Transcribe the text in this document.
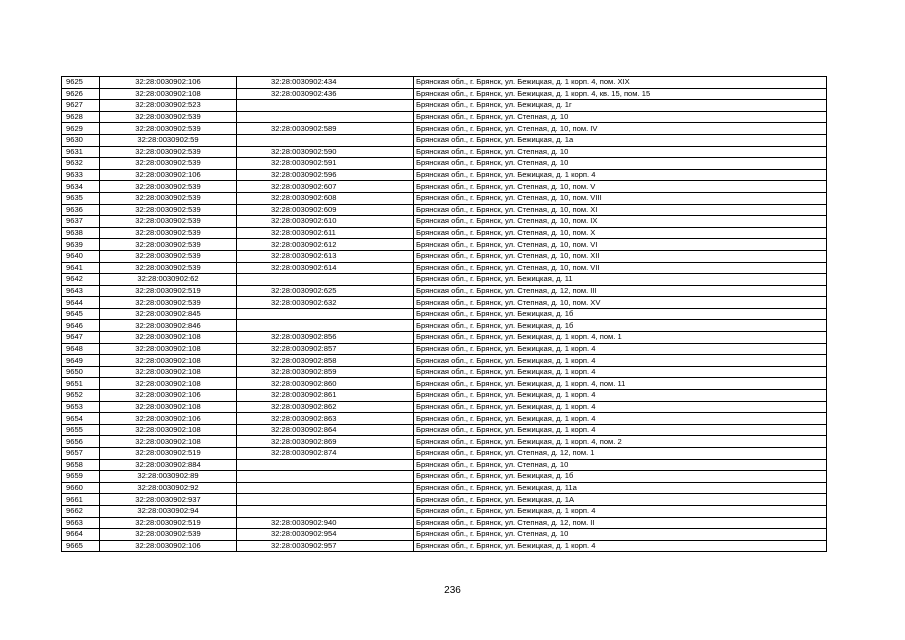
9625	32:28:0030902:106	32:28:0030902:434	Брянская обл., г. Брянск, ул. Бежицкая, д. 1 корп. 4, пом. XIX
9626	32:28:0030902:108	32:28:0030902:436	Брянская обл., г. Брянск, ул. Бежицкая, д. 1 корп. 4, кв. 15, пом. 15
9627	32:28:0030902:523		Брянская обл., г. Брянск, ул. Бежицкая, д. 1г
9628	32:28:0030902:539		Брянская обл., г. Брянск, ул. Степная, д. 10
9629	32:28:0030902:539	32:28:0030902:589	Брянская обл., г. Брянск, ул. Степная, д. 10, пом. IV
9630	32:28:0030902:59		Брянская обл., г. Брянск, ул. Бежицкая, д. 1а
9631	32:28:0030902:539	32:28:0030902:590	Брянская обл., г. Брянск, ул. Степная, д. 10
9632	32:28:0030902:539	32:28:0030902:591	Брянская обл., г. Брянск, ул. Степная, д. 10
9633	32:28:0030902:106	32:28:0030902:596	Брянская обл., г. Брянск, ул. Бежицкая, д. 1 корп. 4
9634	32:28:0030902:539	32:28:0030902:607	Брянская обл., г. Брянск, ул. Степная, д. 10, пом. V
9635	32:28:0030902:539	32:28:0030902:608	Брянская обл., г. Брянск, ул. Степная, д. 10, пом. VIII
9636	32:28:0030902:539	32:28:0030902:609	Брянская обл., г. Брянск, ул. Степная, д. 10, пом. XI
9637	32:28:0030902:539	32:28:0030902:610	Брянская обл., г. Брянск, ул. Степная, д. 10, пом. IX
9638	32:28:0030902:539	32:28:0030902:611	Брянская обл., г. Брянск, ул. Степная, д. 10, пом. X
9639	32:28:0030902:539	32:28:0030902:612	Брянская обл., г. Брянск, ул. Степная, д. 10, пом. VI
9640	32:28:0030902:539	32:28:0030902:613	Брянская обл., г. Брянск, ул. Степная, д. 10, пом. XII
9641	32:28:0030902:539	32:28:0030902:614	Брянская обл., г. Брянск, ул. Степная, д. 10, пом. VII
9642	32:28:0030902:62		Брянская обл., г. Брянск, ул. Бежицкая, д. 11
9643	32:28:0030902:519	32:28:0030902:625	Брянская обл., г. Брянск, ул. Степная, д. 12, пом. III
9644	32:28:0030902:539	32:28:0030902:632	Брянская обл., г. Брянск, ул. Степная, д. 10, пом. XV
9645	32:28:0030902:845		Брянская обл., г. Брянск, ул. Бежицкая, д. 1б
9646	32:28:0030902:846		Брянская обл., г. Брянск, ул. Бежицкая, д. 1б
9647	32:28:0030902:108	32:28:0030902:856	Брянская обл., г. Брянск, ул. Бежицкая, д. 1 корп. 4, пом. 1
9648	32:28:0030902:108	32:28:0030902:857	Брянская обл., г. Брянск, ул. Бежицкая, д. 1 корп. 4
9649	32:28:0030902:108	32:28:0030902:858	Брянская обл., г. Брянск, ул. Бежицкая, д. 1 корп. 4
9650	32:28:0030902:108	32:28:0030902:859	Брянская обл., г. Брянск, ул. Бежицкая, д. 1 корп. 4
9651	32:28:0030902:108	32:28:0030902:860	Брянская обл., г. Брянск, ул. Бежицкая, д. 1 корп. 4, пом. 11
9652	32:28:0030902:106	32:28:0030902:861	Брянская обл., г. Брянск, ул. Бежицкая, д. 1 корп. 4
9653	32:28:0030902:108	32:28:0030902:862	Брянская обл., г. Брянск, ул. Бежицкая, д. 1 корп. 4
9654	32:28:0030902:106	32:28:0030902:863	Брянская обл., г. Брянск, ул. Бежицкая, д. 1 корп. 4
9655	32:28:0030902:108	32:28:0030902:864	Брянская обл., г. Брянск, ул. Бежицкая, д. 1 корп. 4
9656	32:28:0030902:108	32:28:0030902:869	Брянская обл., г. Брянск, ул. Бежицкая, д. 1 корп. 4, пом. 2
9657	32:28:0030902:519	32:28:0030902:874	Брянская обл., г. Брянск, ул. Степная, д. 12, пом. 1
9658	32:28:0030902:884		Брянская обл., г. Брянск, ул. Степная, д. 10
9659	32:28:0030902:89		Брянская обл., г. Брянск, ул. Бежицкая, д. 1б
9660	32:28:0030902:92		Брянская обл., г. Брянск, ул. Бежицкая, д. 11а
9661	32:28:0030902:937		Брянская обл., г. Брянск, ул. Бежицкая, д. 1А
9662	32:28:0030902:94		Брянская обл., г. Брянск, ул. Бежицкая, д. 1 корп. 4
9663	32:28:0030902:519	32:28:0030902:940	Брянская обл., г. Брянск, ул. Степная, д. 12, пом. II
9664	32:28:0030902:539	32:28:0030902:954	Брянская обл., г. Брянск, ул. Степная, д. 10
9665	32:28:0030902:106	32:28:0030902:957	Брянская обл., г. Брянск, ул. Бежицкая, д. 1 корп. 4
236
